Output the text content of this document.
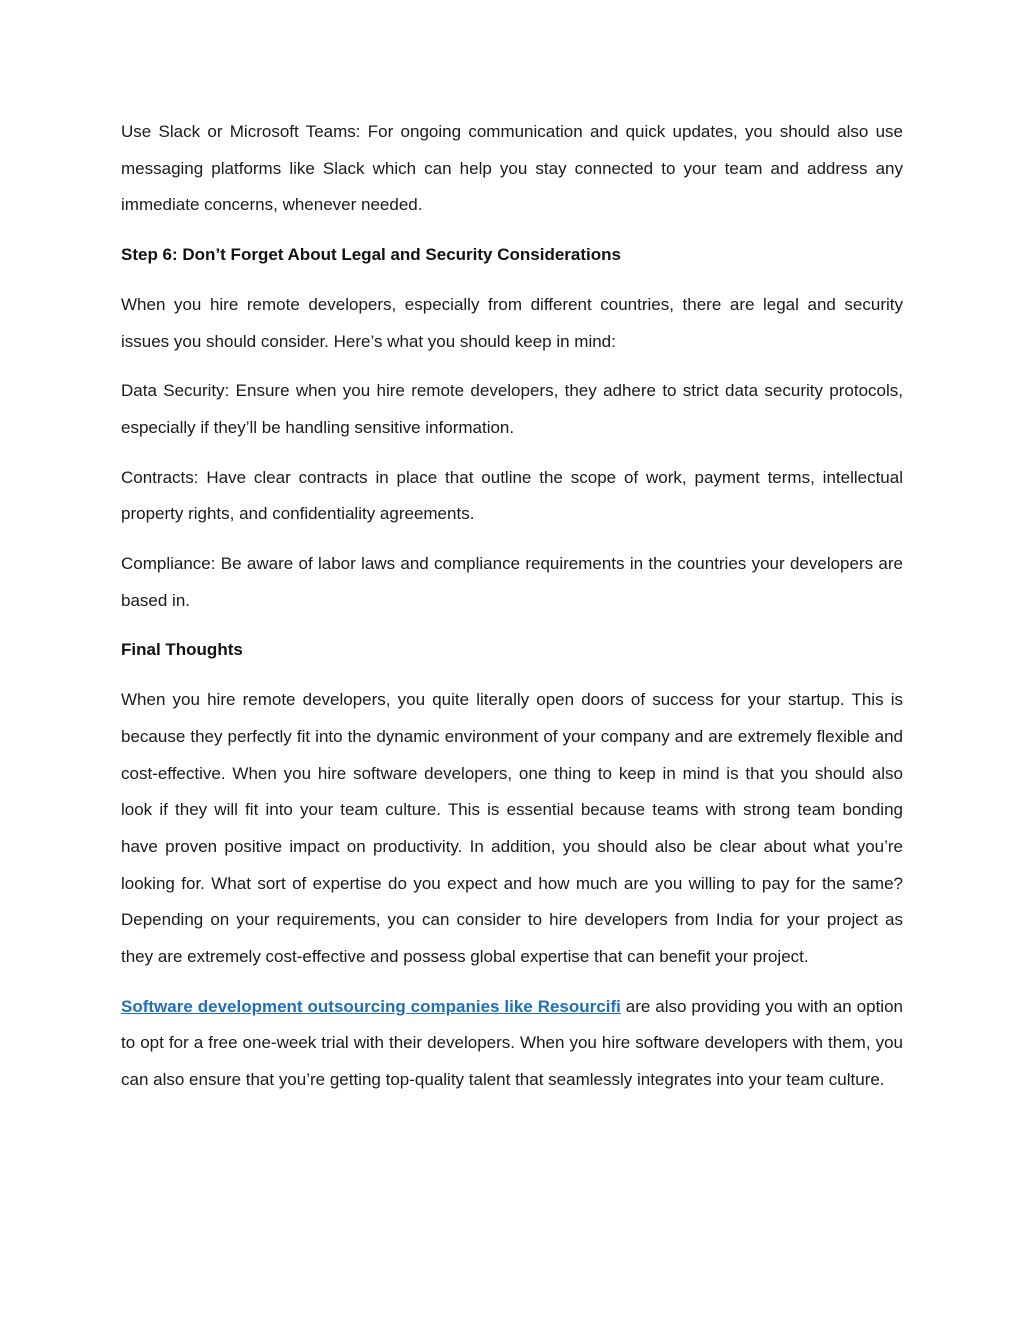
Use Slack or Microsoft Teams: For ongoing communication and quick updates, you should also use messaging platforms like Slack which can help you stay connected to your team and address any immediate concerns, whenever needed.

Step 6: Don’t Forget About Legal and Security Considerations

When you hire remote developers, especially from different countries, there are legal and security issues you should consider. Here’s what you should keep in mind:

Data Security: Ensure when you hire remote developers, they adhere to strict data security protocols, especially if they’ll be handling sensitive information.

Contracts: Have clear contracts in place that outline the scope of work, payment terms, intellectual property rights, and confidentiality agreements.

Compliance: Be aware of labor laws and compliance requirements in the countries your developers are based in.

Final Thoughts

When you hire remote developers, you quite literally open doors of success for your startup. This is because they perfectly fit into the dynamic environment of your company and are extremely flexible and cost-effective. When you hire software developers, one thing to keep in mind is that you should also look if they will fit into your team culture. This is essential because teams with strong team bonding have proven positive impact on productivity. In addition, you should also be clear about what you’re looking for. What sort of expertise do you expect and how much are you willing to pay for the same? Depending on your requirements, you can consider to hire developers from India for your project as they are extremely cost-effective and possess global expertise that can benefit your project.

Software development outsourcing companies like Resourcifi are also providing you with an option to opt for a free one-week trial with their developers. When you hire software developers with them, you can also ensure that you’re getting top-quality talent that seamlessly integrates into your team culture.
